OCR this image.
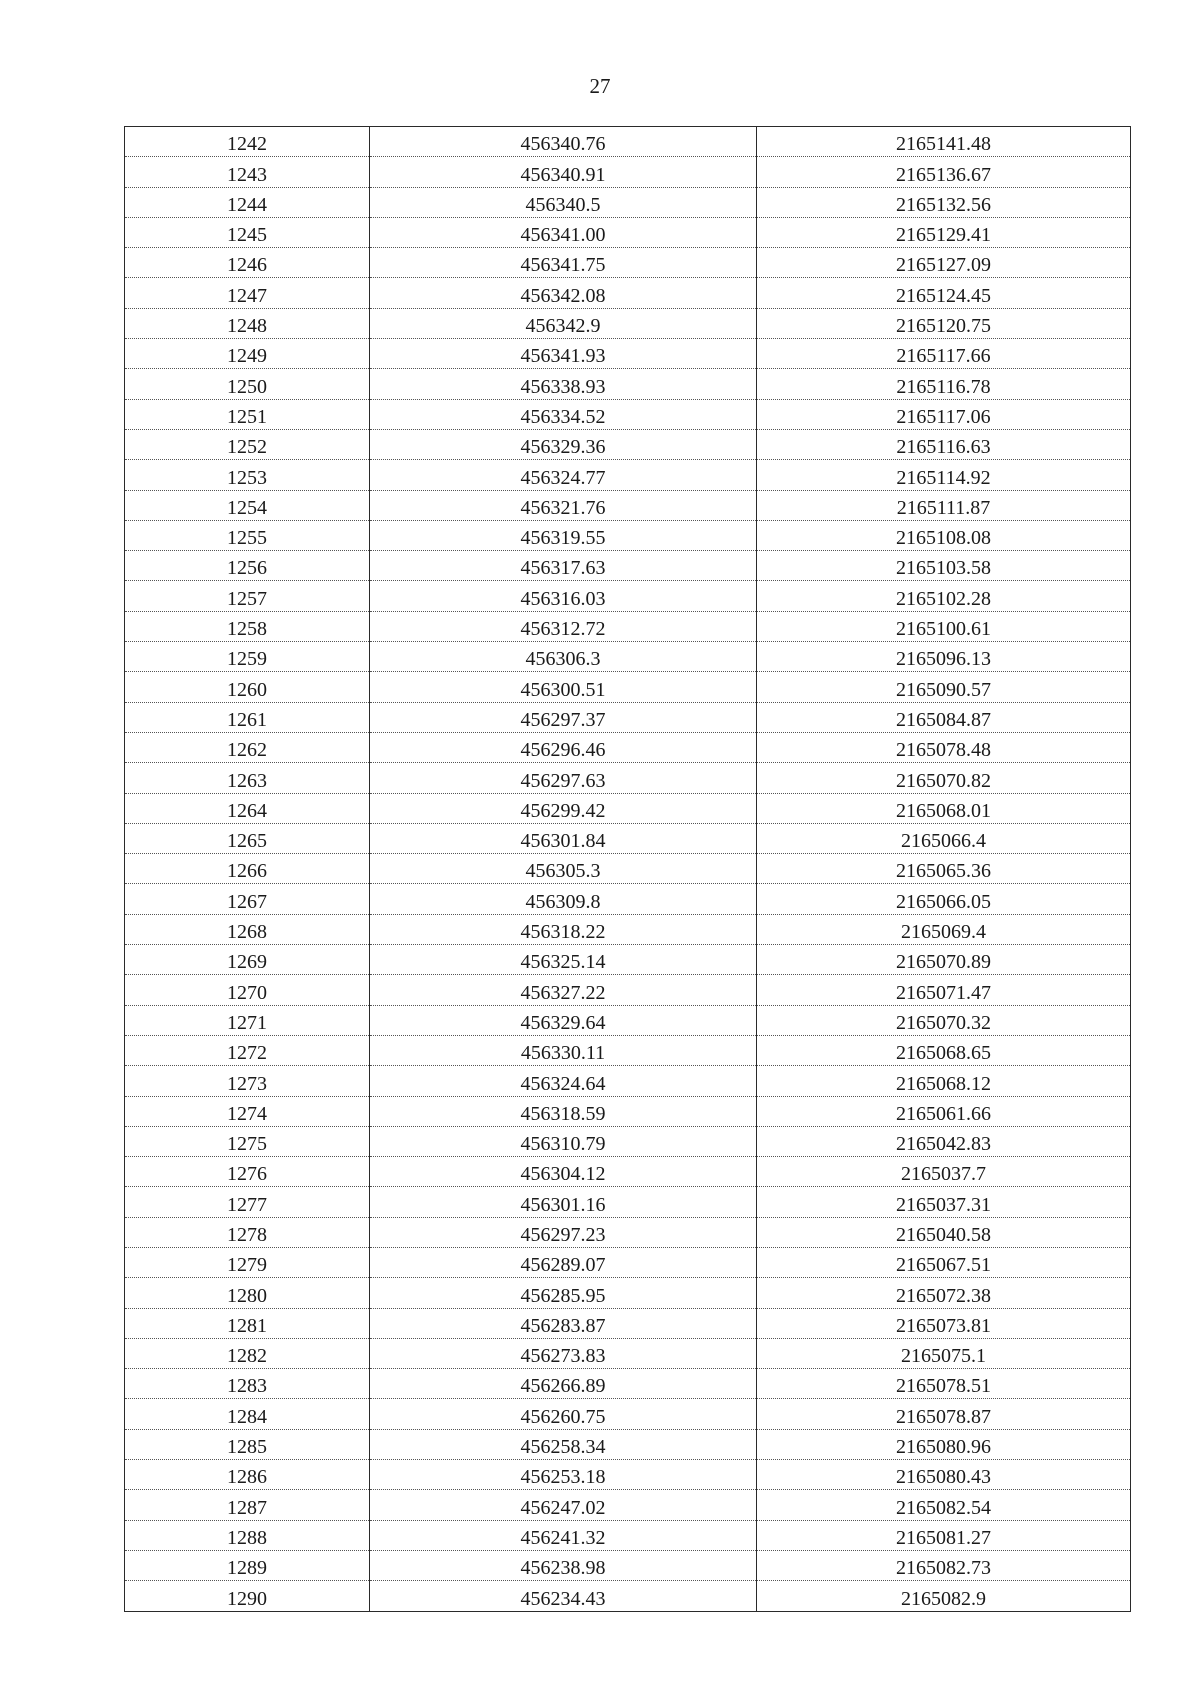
27
1242	456340.76	2165141.48
1243	456340.91	2165136.67
1244	456340.5	2165132.56
1245	456341.00	2165129.41
1246	456341.75	2165127.09
1247	456342.08	2165124.45
1248	456342.9	2165120.75
1249	456341.93	2165117.66
1250	456338.93	2165116.78
1251	456334.52	2165117.06
1252	456329.36	2165116.63
1253	456324.77	2165114.92
1254	456321.76	2165111.87
1255	456319.55	2165108.08
1256	456317.63	2165103.58
1257	456316.03	2165102.28
1258	456312.72	2165100.61
1259	456306.3	2165096.13
1260	456300.51	2165090.57
1261	456297.37	2165084.87
1262	456296.46	2165078.48
1263	456297.63	2165070.82
1264	456299.42	2165068.01
1265	456301.84	2165066.4
1266	456305.3	2165065.36
1267	456309.8	2165066.05
1268	456318.22	2165069.4
1269	456325.14	2165070.89
1270	456327.22	2165071.47
1271	456329.64	2165070.32
1272	456330.11	2165068.65
1273	456324.64	2165068.12
1274	456318.59	2165061.66
1275	456310.79	2165042.83
1276	456304.12	2165037.7
1277	456301.16	2165037.31
1278	456297.23	2165040.58
1279	456289.07	2165067.51
1280	456285.95	2165072.38
1281	456283.87	2165073.81
1282	456273.83	2165075.1
1283	456266.89	2165078.51
1284	456260.75	2165078.87
1285	456258.34	2165080.96
1286	456253.18	2165080.43
1287	456247.02	2165082.54
1288	456241.32	2165081.27
1289	456238.98	2165082.73
1290	456234.43	2165082.9
